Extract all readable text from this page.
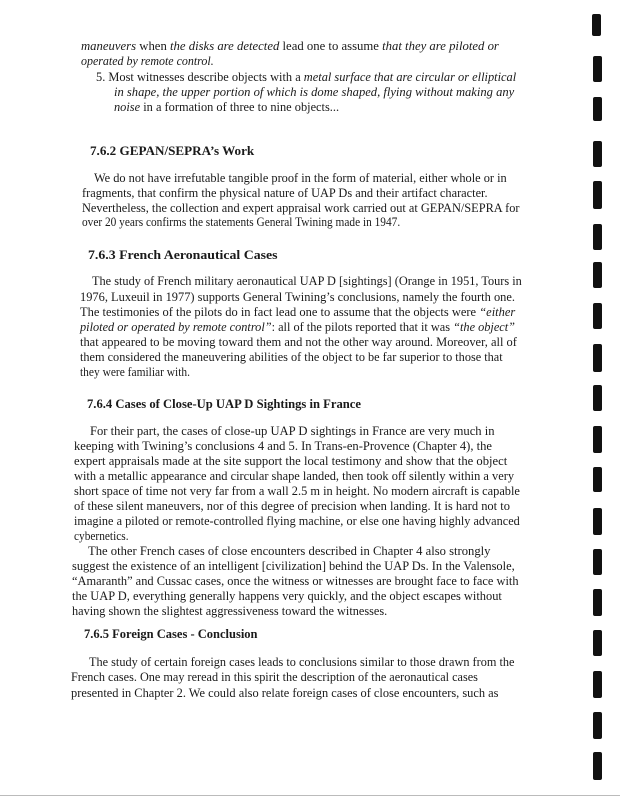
maneuvers when the disks are detected lead one to assume that they are piloted or
operated by remote control.
5. Most witnesses describe objects with a metal surface that are circular or elliptical
in shape, the upper portion of which is dome shaped, flying without making any
noise in a formation of three to nine objects...
7.6.2 GEPAN/SEPRA’s Work
We do not have irrefutable tangible proof in the form of material, either whole or in
fragments, that confirm the physical nature of UAP Ds and their artifact character.
Nevertheless, the collection and expert appraisal work carried out at GEPAN/SEPRA for
over 20 years confirms the statements General Twining made in 1947.
7.6.3 French Aeronautical Cases
The study of French military aeronautical UAP D [sightings] (Orange in 1951, Tours in
1976, Luxeuil in 1977) supports General Twining’s conclusions, namely the fourth one.
The testimonies of the pilots do in fact lead one to assume that the objects were “either
piloted or operated by remote control”: all of the pilots reported that it was “the object”
that appeared to be moving toward them and not the other way around. Moreover, all of
them considered the maneuvering abilities of the object to be far superior to those that
they were familiar with.
7.6.4 Cases of Close-Up UAP D Sightings in France
For their part, the cases of close-up UAP D sightings in France are very much in
keeping with Twining’s conclusions 4 and 5. In Trans-en-Provence (Chapter 4), the
expert appraisals made at the site support the local testimony and show that the object
with a metallic appearance and circular shape landed, then took off silently within a very
short space of time not very far from a wall 2.5 m in height. No modern aircraft is capable
of these silent maneuvers, nor of this degree of precision when landing. It is hard not to
imagine a piloted or remote-controlled flying machine, or else one having highly advanced
cybernetics.
The other French cases of close encounters described in Chapter 4 also strongly
suggest the existence of an intelligent [civilization] behind the UAP Ds. In the Valensole,
“Amaranth” and Cussac cases, once the witness or witnesses are brought face to face with
the UAP D, everything generally happens very quickly, and the object escapes without
having shown the slightest aggressiveness toward the witnesses.
7.6.5 Foreign Cases - Conclusion
The study of certain foreign cases leads to conclusions similar to those drawn from the
French cases. One may reread in this spirit the description of the aeronautical cases
presented in Chapter 2. We could also relate foreign cases of close encounters, such as
